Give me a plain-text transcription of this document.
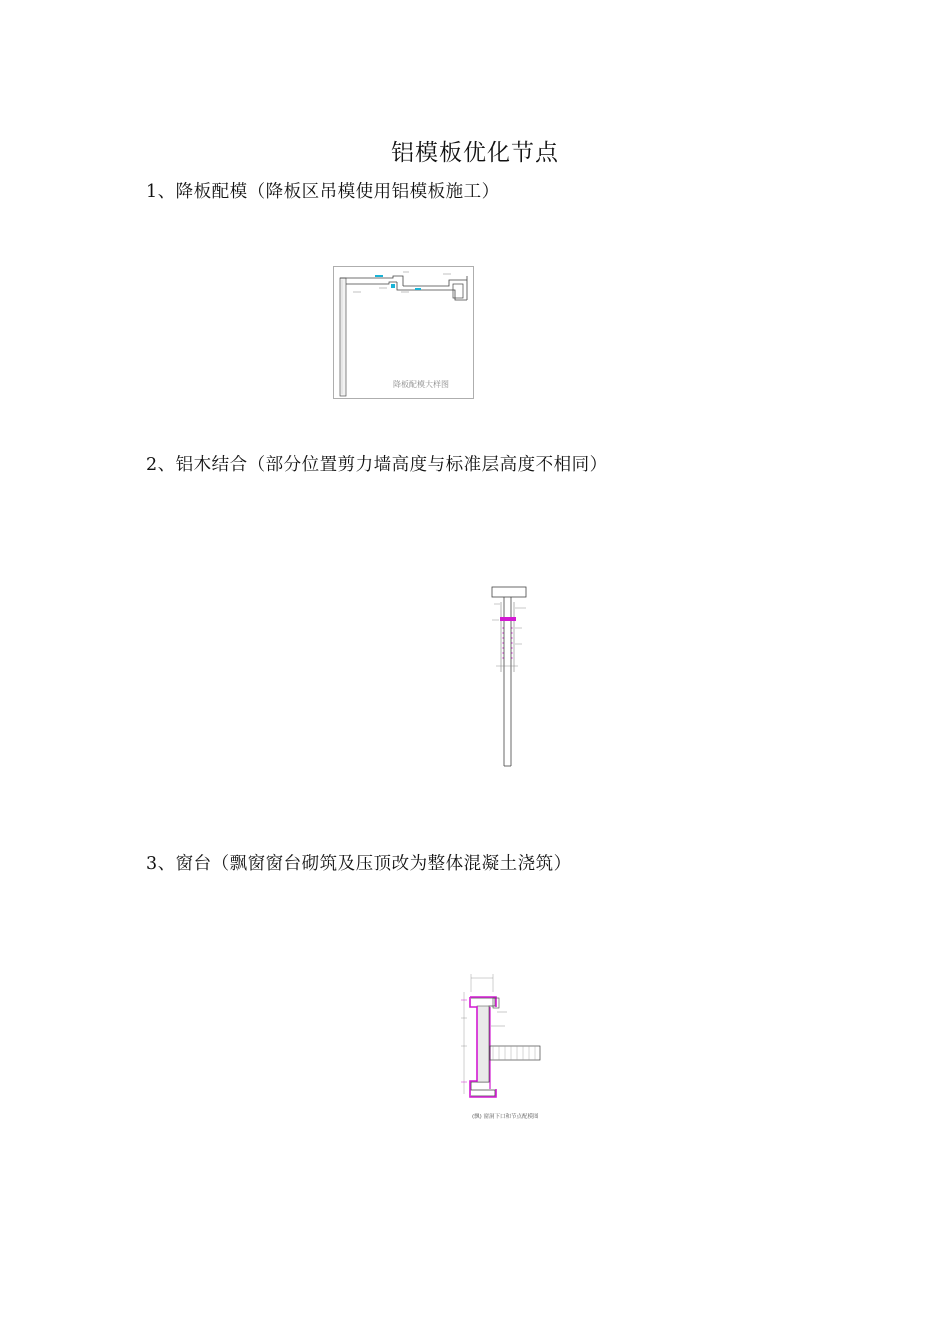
铝模板优化节点
1、降板配模（降板区吊模使用铝模板施工）
降板配模大样图
2、铝木结合（部分位置剪力墙高度与标准层高度不相同）
3、窗台（飘窗窗台砌筑及压顶改为整体混凝土浇筑）
(飘) 窗洞下口和节点配模图
